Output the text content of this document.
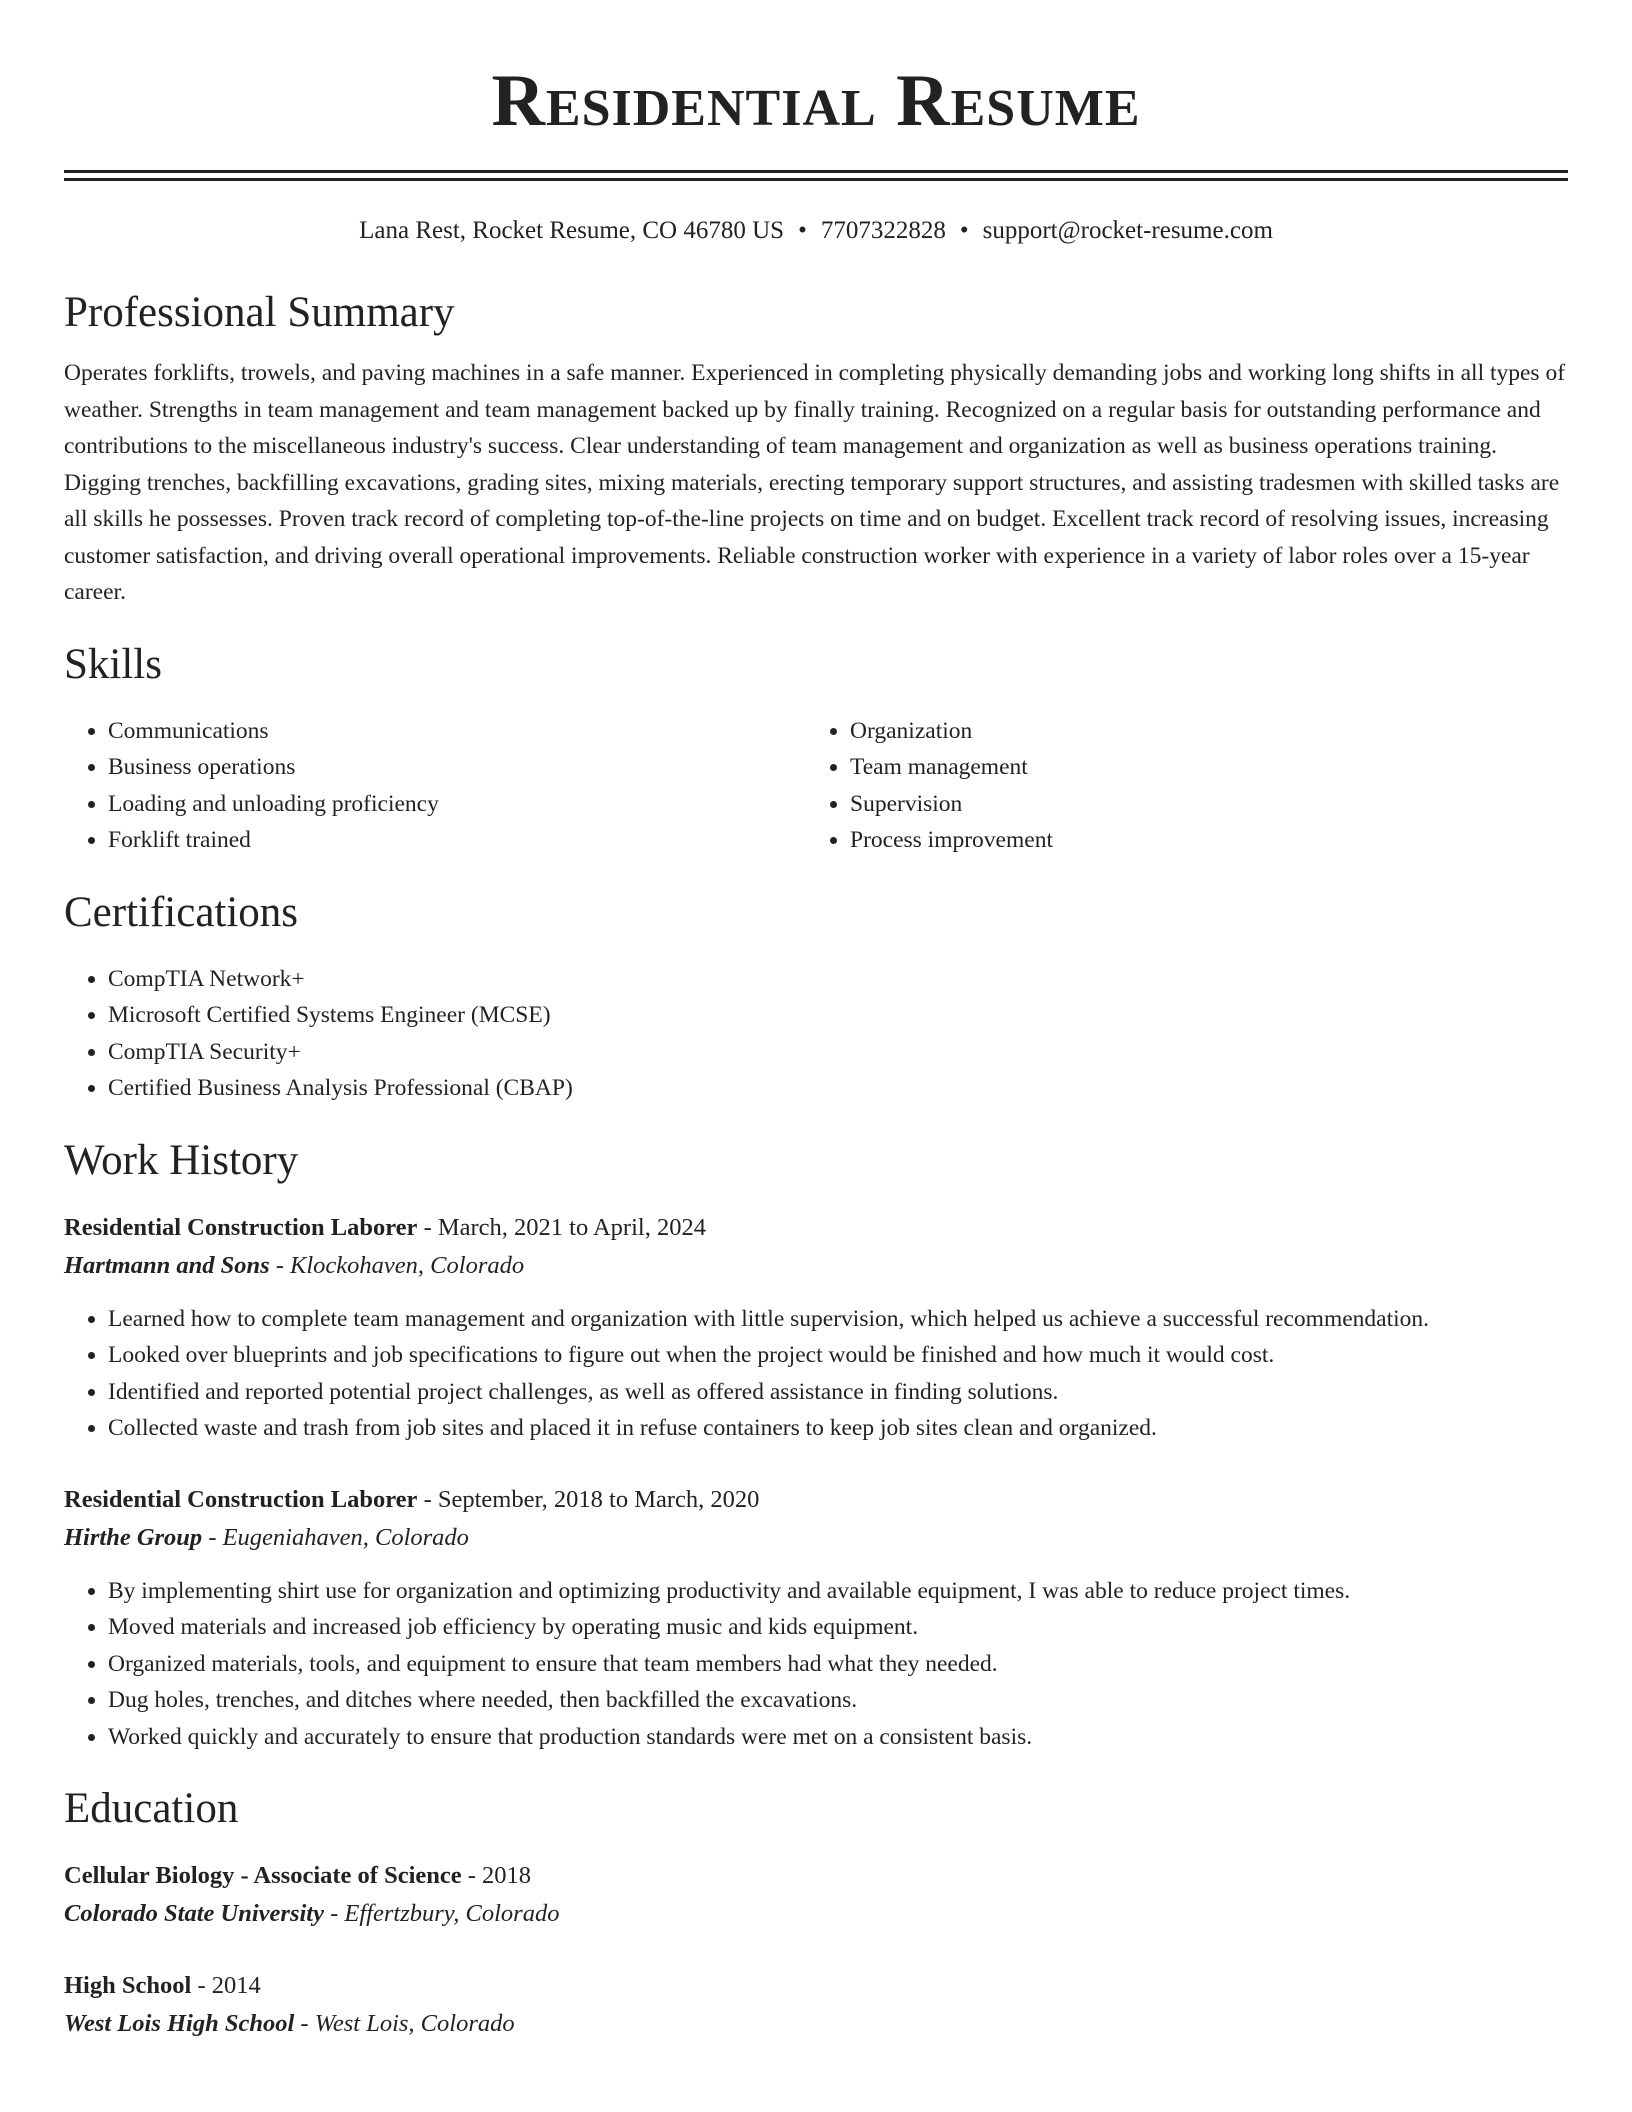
Residential Resume
Lana Rest, Rocket Resume, CO 46780 US • 7707322828 • support@rocket-resume.com
Professional Summary
Operates forklifts, trowels, and paving machines in a safe manner. Experienced in completing physically demanding jobs and working long shifts in all types of weather. Strengths in team management and team management backed up by finally training. Recognized on a regular basis for outstanding performance and contributions to the miscellaneous industry's success. Clear understanding of team management and organization as well as business operations training. Digging trenches, backfilling excavations, grading sites, mixing materials, erecting temporary support structures, and assisting tradesmen with skilled tasks are all skills he possesses. Proven track record of completing top-of-the-line projects on time and on budget. Excellent track record of resolving issues, increasing customer satisfaction, and driving overall operational improvements. Reliable construction worker with experience in a variety of labor roles over a 15-year career.
Skills
• Communications
• Business operations
• Loading and unloading proficiency
• Forklift trained
• Organization
• Team management
• Supervision
• Process improvement
Certifications
• CompTIA Network+
• Microsoft Certified Systems Engineer (MCSE)
• CompTIA Security+
• Certified Business Analysis Professional (CBAP)
Work History
Residential Construction Laborer - March, 2021 to April, 2024
Hartmann and Sons - Klockohaven, Colorado
• Learned how to complete team management and organization with little supervision, which helped us achieve a successful recommendation.
• Looked over blueprints and job specifications to figure out when the project would be finished and how much it would cost.
• Identified and reported potential project challenges, as well as offered assistance in finding solutions.
• Collected waste and trash from job sites and placed it in refuse containers to keep job sites clean and organized.
Residential Construction Laborer - September, 2018 to March, 2020
Hirthe Group - Eugeniahaven, Colorado
• By implementing shirt use for organization and optimizing productivity and available equipment, I was able to reduce project times.
• Moved materials and increased job efficiency by operating music and kids equipment.
• Organized materials, tools, and equipment to ensure that team members had what they needed.
• Dug holes, trenches, and ditches where needed, then backfilled the excavations.
• Worked quickly and accurately to ensure that production standards were met on a consistent basis.
Education
Cellular Biology - Associate of Science - 2018
Colorado State University - Effertzbury, Colorado
High School - 2014
West Lois High School - West Lois, Colorado
